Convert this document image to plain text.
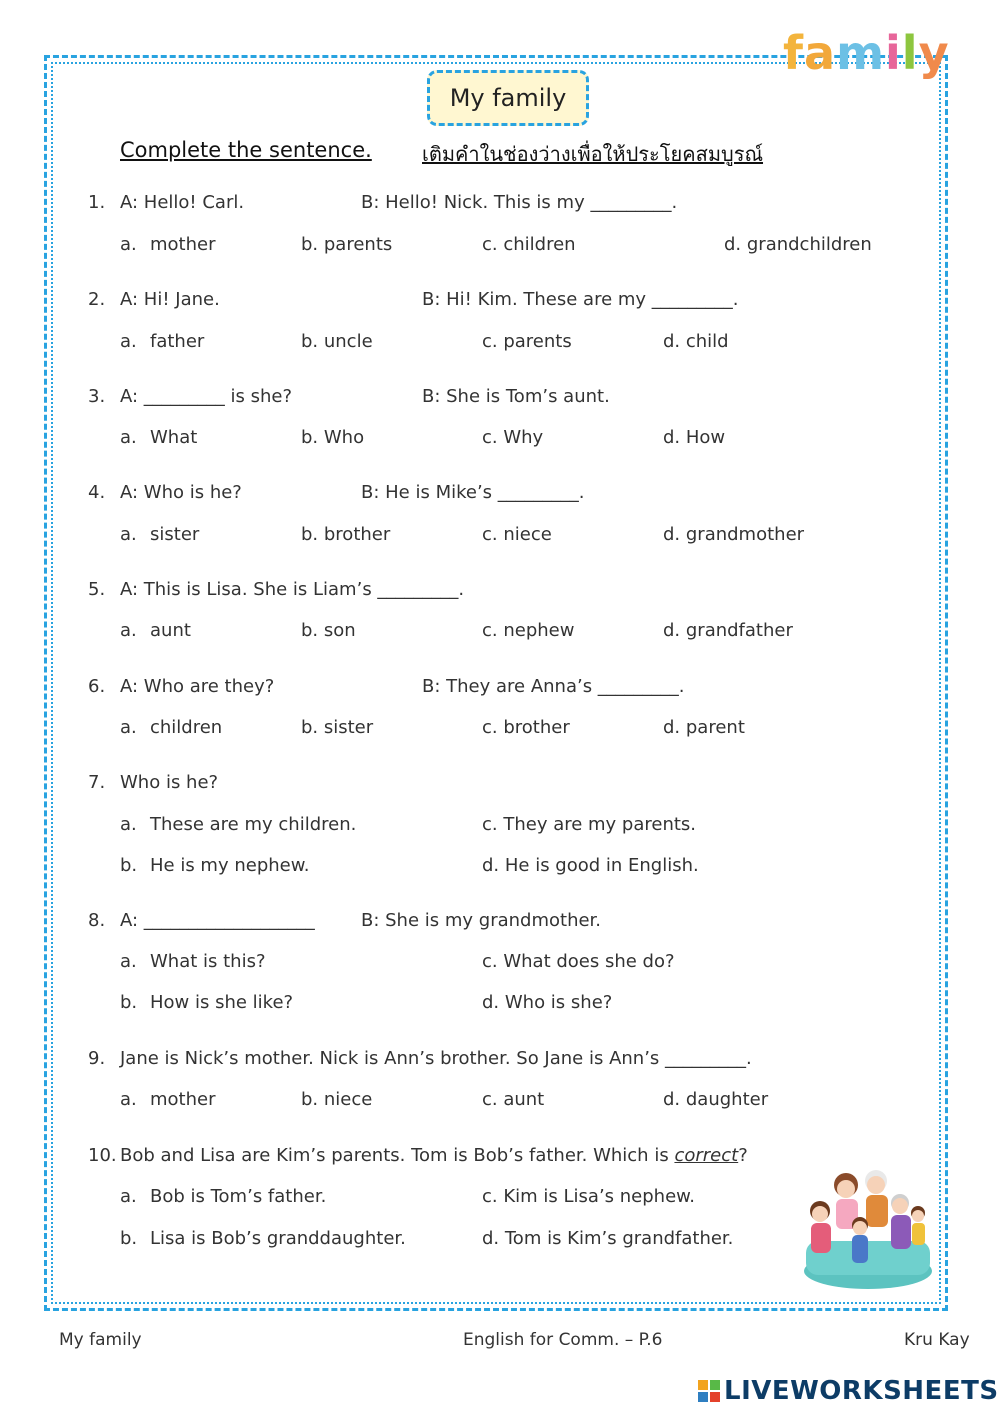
family
My family
Complete the sentence.	เติมคำในช่องว่างเพื่อให้ประโยคสมบูรณ์
1. A: Hello! Carl.	B: Hello! Nick. This is my _________.
a. mother	b. parents	c. children	d. grandchildren
2. A: Hi! Jane.	B: Hi! Kim. These are my _________.
a. father	b. uncle	c. parents	d. child
3. A: _________ is she?	B: She is Tom’s aunt.
a. What	b. Who	c. Why	d. How
4. A: Who is he?	B: He is Mike’s _________.
a. sister	b. brother	c. niece	d. grandmother
5. A: This is Lisa. She is Liam’s _________.
a. aunt	b. son	c. nephew	d. grandfather
6. A: Who are they?	B: They are Anna’s _________.
a. children	b. sister	c. brother	d. parent
7. Who is he?
a. These are my children.
b. He is my nephew.
c. They are my parents.
d. He is good in English.
8. A: ___________________	B: She is my grandmother.
a. What is this?
b. How is she like?
c. What does she do?
d. Who is she?
9. Jane is Nick’s mother. Nick is Ann’s brother. So Jane is Ann’s _________.
a. mother	b. niece	c. aunt	d. daughter
10. Bob and Lisa are Kim’s parents. Tom is Bob’s father. Which is correct?
a. Bob is Tom’s father.
b. Lisa is Bob’s granddaughter.
c. Kim is Lisa’s nephew.
d. Tom is Kim’s grandfather.
My family	English for Comm. – P.6	Kru Kay
LIVEWORKSHEETS
